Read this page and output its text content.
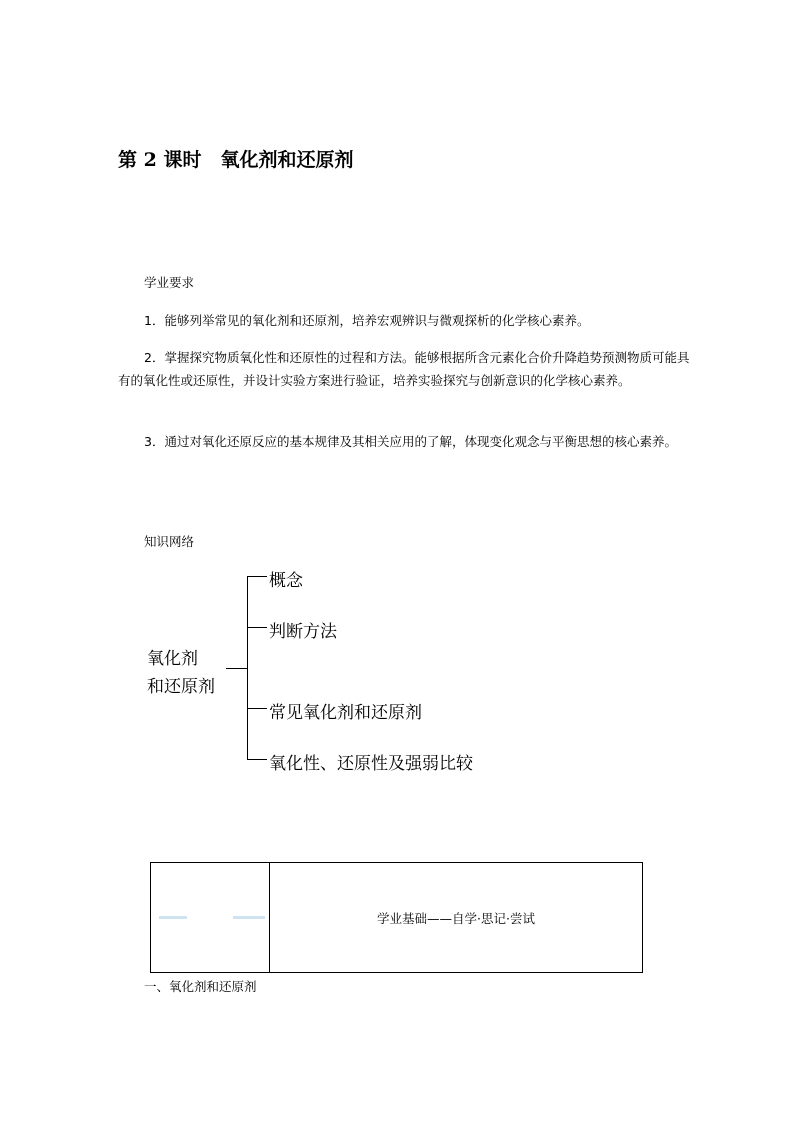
第 2 课时　氧化剂和还原剂
学业要求
1．能够列举常见的氧化剂和还原剂，培养宏观辨识与微观探析的化学核心素养。
2．掌握探究物质氧化性和还原性的过程和方法。能够根据所含元素化合价升降趋势预测物质可能具有的氧化性或还原性，并设计实验方案进行验证，培养实验探究与创新意识的化学核心素养。
3．通过对氧化还原反应的基本规律及其相关应用的了解，体现变化观念与平衡思想的核心素养。
知识网络
氧化剂
和还原剂
概念
判断方法
常见氧化剂和还原剂
氧化性、还原性及强弱比较
学业基础——自学·思记·尝试
一、氧化剂和还原剂
